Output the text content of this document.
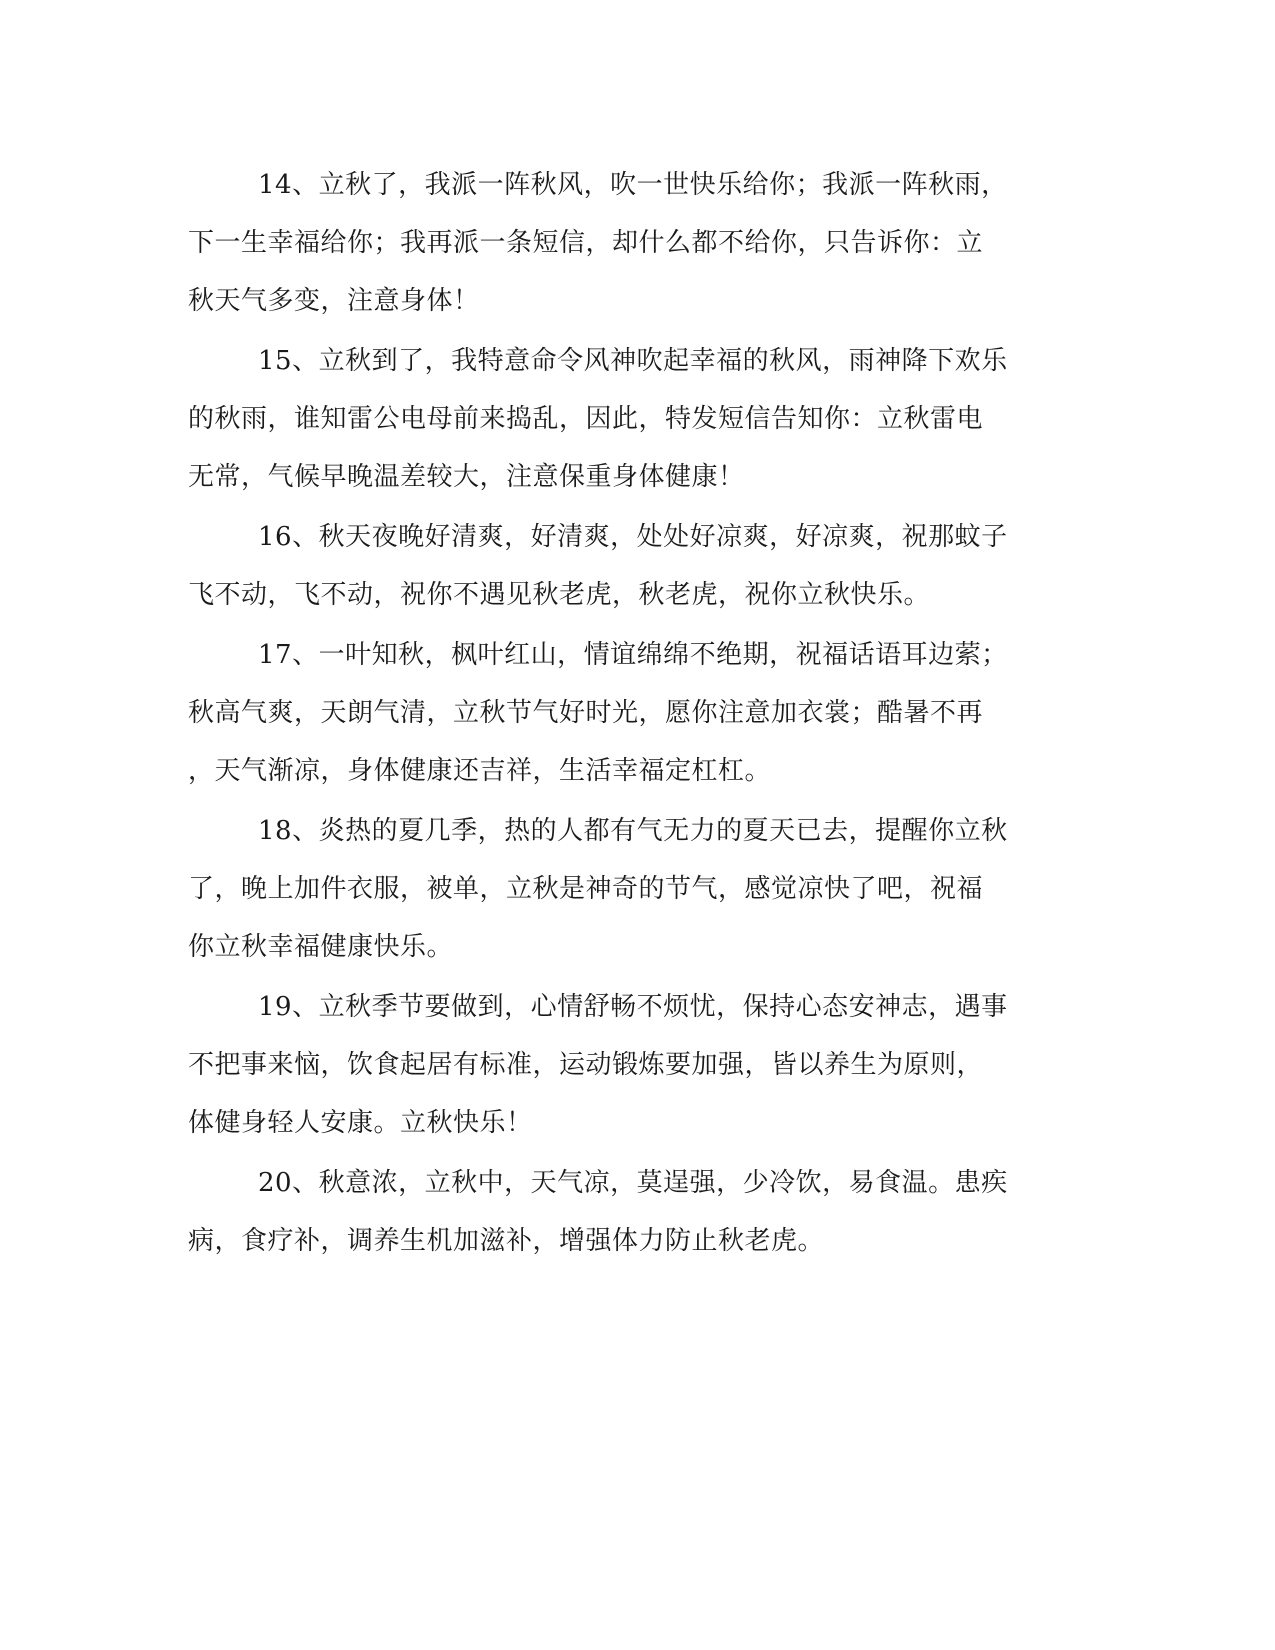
14、立秋了，我派一阵秋风，吹一世快乐给你；我派一阵秋雨，
下一生幸福给你；我再派一条短信，却什么都不给你，只告诉你：立
秋天气多变，注意身体！
15、立秋到了，我特意命令风神吹起幸福的秋风，雨神降下欢乐
的秋雨，谁知雷公电母前来捣乱，因此，特发短信告知你：立秋雷电
无常，气候早晚温差较大，注意保重身体健康！
16、秋天夜晚好清爽，好清爽，处处好凉爽，好凉爽，祝那蚊子
飞不动，飞不动，祝你不遇见秋老虎，秋老虎，祝你立秋快乐。
17、一叶知秋，枫叶红山，情谊绵绵不绝期，祝福话语耳边萦；
秋高气爽，天朗气清，立秋节气好时光，愿你注意加衣裳；酷暑不再
，天气渐凉，身体健康还吉祥，生活幸福定杠杠。
18、炎热的夏几季，热的人都有气无力的夏天已去，提醒你立秋
了，晚上加件衣服，被单，立秋是神奇的节气，感觉凉快了吧，祝福
你立秋幸福健康快乐。
19、立秋季节要做到，心情舒畅不烦忧，保持心态安神志，遇事
不把事来恼，饮食起居有标准，运动锻炼要加强，皆以养生为原则，
体健身轻人安康。立秋快乐！
20、秋意浓，立秋中，天气凉，莫逞强，少冷饮，易食温。患疾
病，食疗补，调养生机加滋补，增强体力防止秋老虎。
